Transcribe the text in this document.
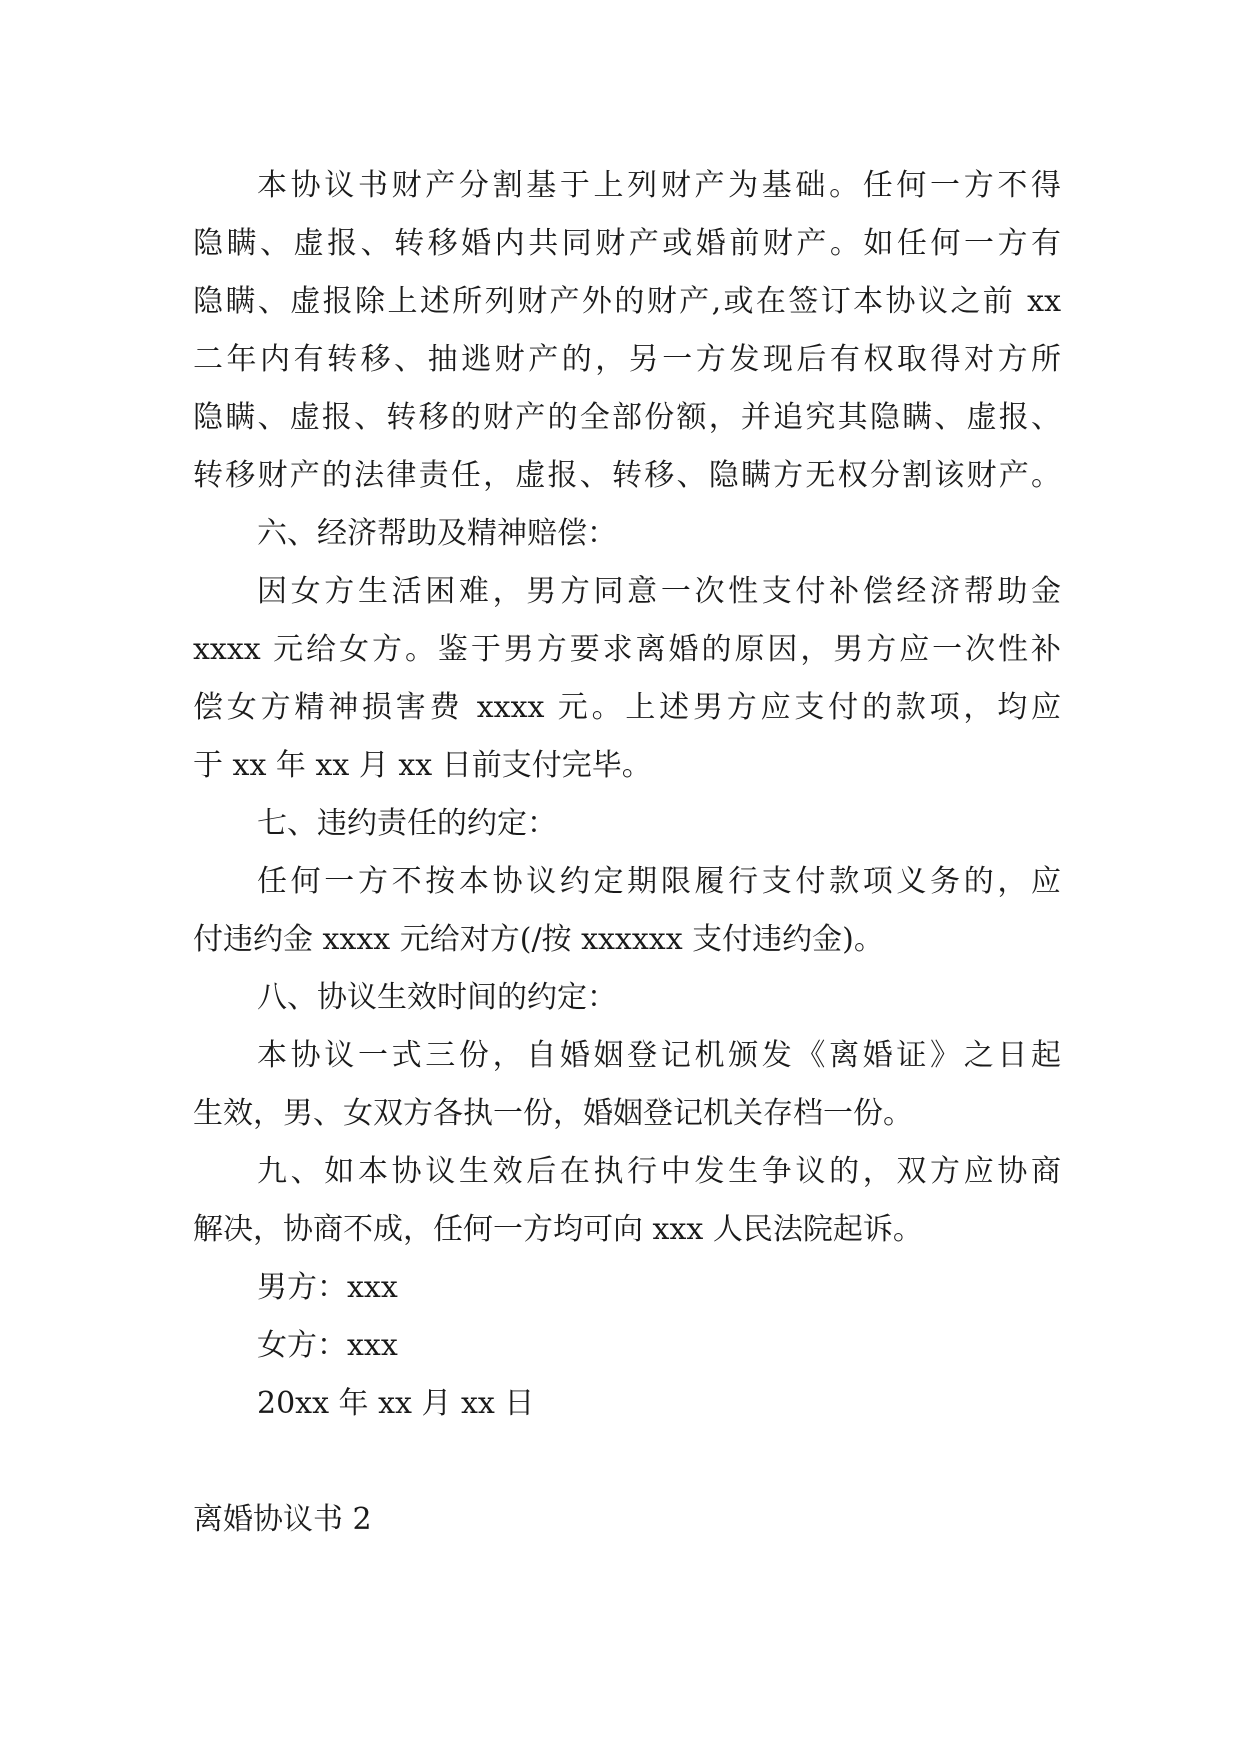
本协议书财产分割基于上列财产为基础。任何一方不得
隐瞒、虚报、转移婚内共同财产或婚前财产。如任何一方有
隐瞒、虚报除上述所列财产外的财产,或在签订本协议之前 xx
二年内有转移、抽逃财产的，另一方发现后有权取得对方所
隐瞒、虚报、转移的财产的全部份额，并追究其隐瞒、虚报、
转移财产的法律责任，虚报、转移、隐瞒方无权分割该财产。
六、经济帮助及精神赔偿：
因女方生活困难，男方同意一次性支付补偿经济帮助金
xxxx 元给女方。鉴于男方要求离婚的原因，男方应一次性补
偿女方精神损害费 xxxx 元。上述男方应支付的款项，均应
于 xx 年 xx 月 xx 日前支付完毕。
七、违约责任的约定：
任何一方不按本协议约定期限履行支付款项义务的，应
付违约金 xxxx 元给对方(/按 xxxxxx 支付违约金)。
八、协议生效时间的约定：
本协议一式三份，自婚姻登记机颁发《离婚证》之日起
生效，男、女双方各执一份，婚姻登记机关存档一份。
九、如本协议生效后在执行中发生争议的，双方应协商
解决，协商不成，任何一方均可向 xxx 人民法院起诉。
男方：xxx
女方：xxx
20xx 年 xx 月 xx 日
离婚协议书 2
